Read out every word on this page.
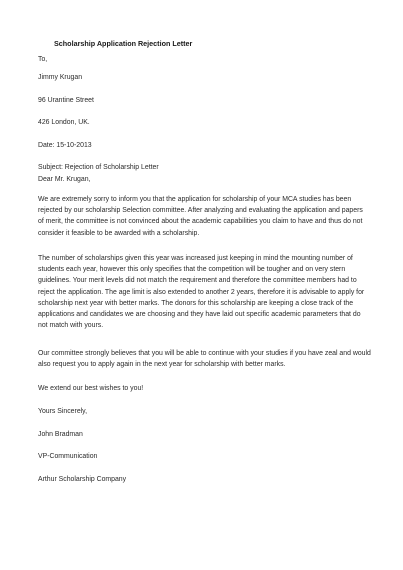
Scholarship Application Rejection Letter
To,
Jimmy Krugan
96 Urantine Street
426 London, UK.
Date: 15-10-2013
Subject: Rejection of Scholarship Letter
Dear Mr. Krugan,
We are extremely sorry to inform you that the application for scholarship of your MCA studies has been
rejected by our scholarship Selection committee. After analyzing and evaluating the application and papers
of merit, the committee is not convinced about the academic capabilities you claim to have and thus do not
consider it feasible to be awarded with a scholarship.
The number of scholarships given this year was increased just keeping in mind the mounting number of
students each year, however this only specifies that the competition will be tougher and on very stern
guidelines. Your merit levels did not match the requirement and therefore the committee members had to
reject the application. The age limit is also extended to another 2 years, therefore it is advisable to apply for
scholarship next year with better marks. The donors for this scholarship are keeping a close track of the
applications and candidates we are choosing and they have laid out specific academic parameters that do
not match with yours.
Our committee strongly believes that you will be able to continue with your studies if you have zeal and would
also request you to apply again in the next year for scholarship with better marks.
We extend our best wishes to you!
Yours Sincerely,
John Bradman
VP-Communication
Arthur Scholarship Company
